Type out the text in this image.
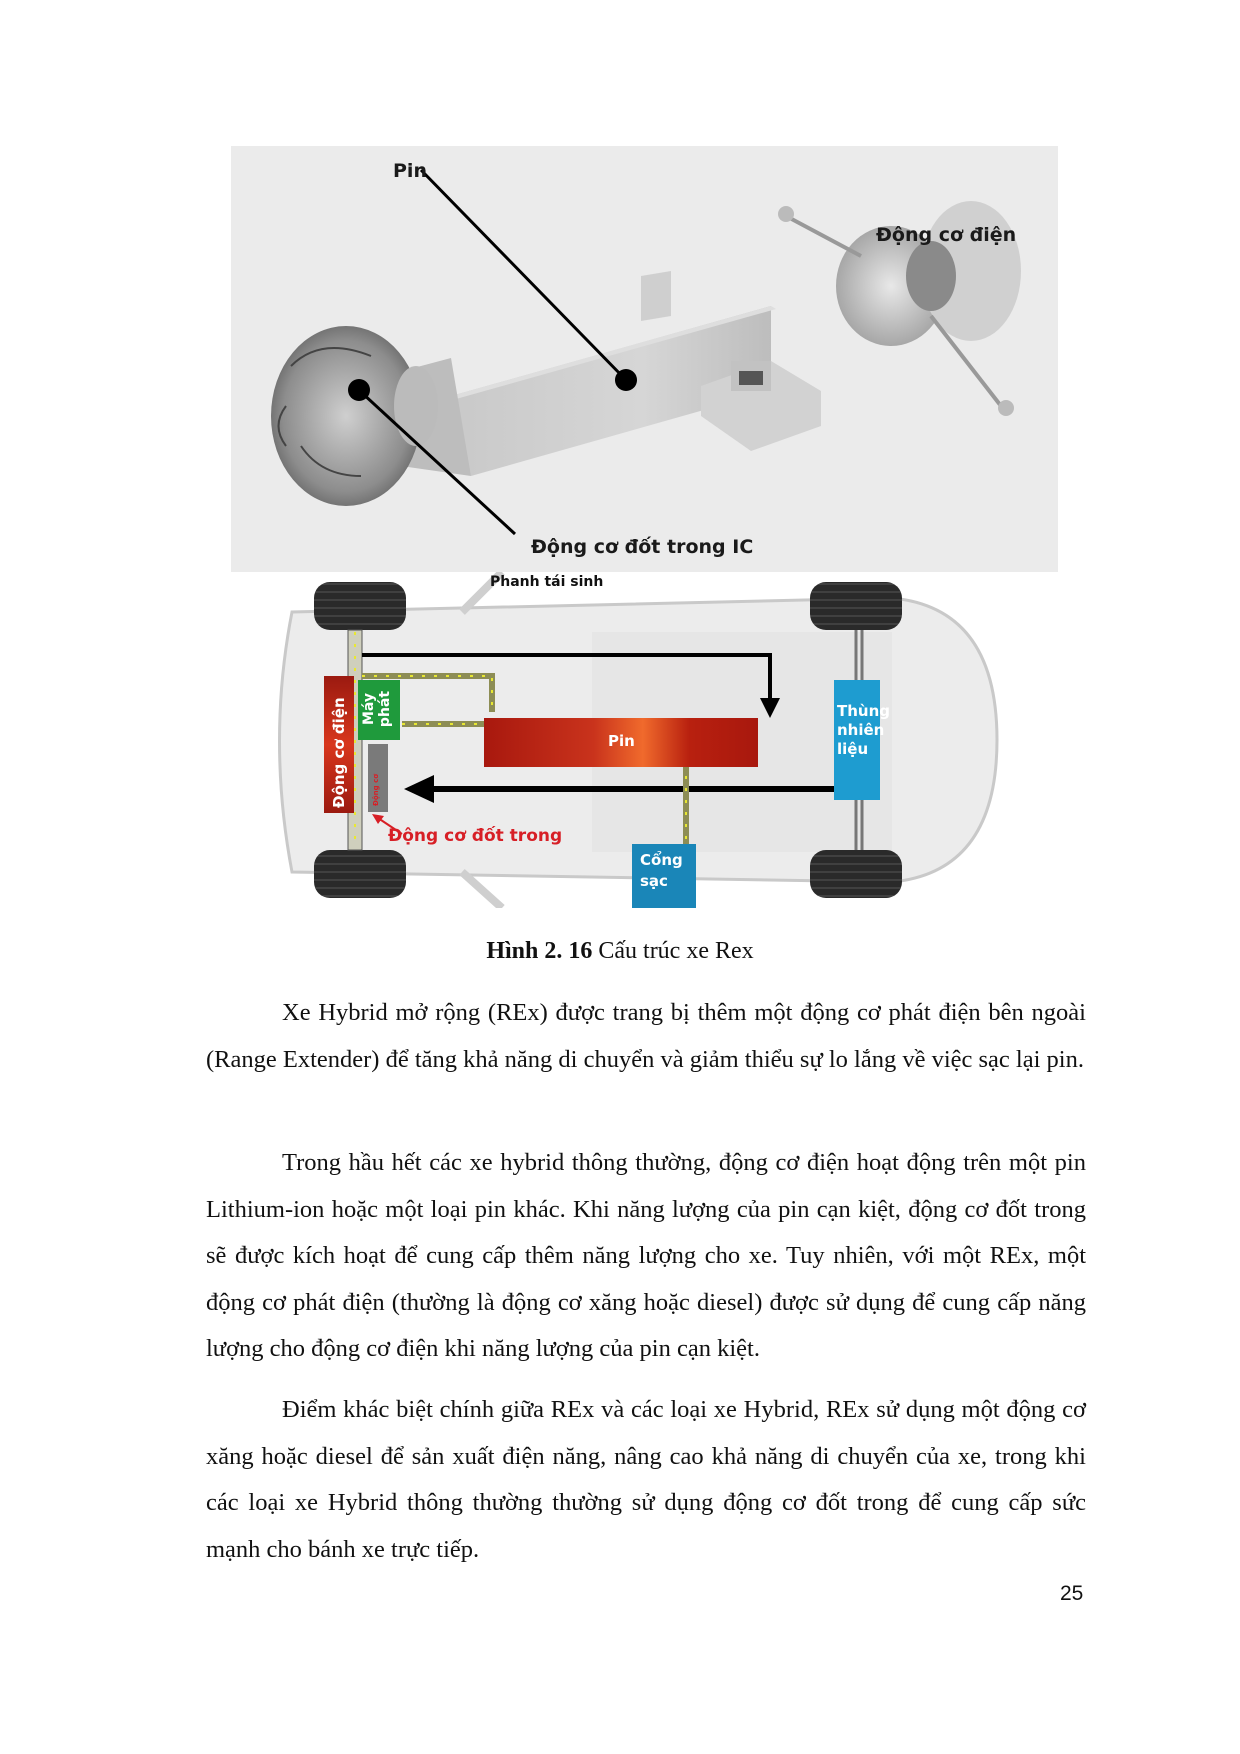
Pin
Động cơ điện
Động cơ đốt trong IC
Phanh tái sinh
Động cơ điện Máy phát
Động cơ
Pin
Thùng
nhiên
liệu
Cổng
sạc
Động cơ đốt trong
Hình 2. 16 Cấu trúc xe Rex

Xe Hybrid mở rộng (REx) được trang bị thêm một động cơ phát điện bên ngoài (Range Extender) để tăng khả năng di chuyển và giảm thiểu sự lo lắng về việc sạc lại pin.

Trong hầu hết các xe hybrid thông thường, động cơ điện hoạt động trên một pin Lithium-ion hoặc một loại pin khác. Khi năng lượng của pin cạn kiệt, động cơ đốt trong sẽ được kích hoạt để cung cấp thêm năng lượng cho xe. Tuy nhiên, với một REx, một động cơ phát điện (thường là động cơ xăng hoặc diesel) được sử dụng để cung cấp năng lượng cho động cơ điện khi năng lượng của pin cạn kiệt.

Điểm khác biệt chính giữa REx và các loại xe Hybrid, REx sử dụng một động cơ xăng hoặc diesel để sản xuất điện năng, nâng cao khả năng di chuyển của xe, trong khi các loại xe Hybrid thông thường thường sử dụng động cơ đốt trong để cung cấp sức mạnh cho bánh xe trực tiếp.

25
